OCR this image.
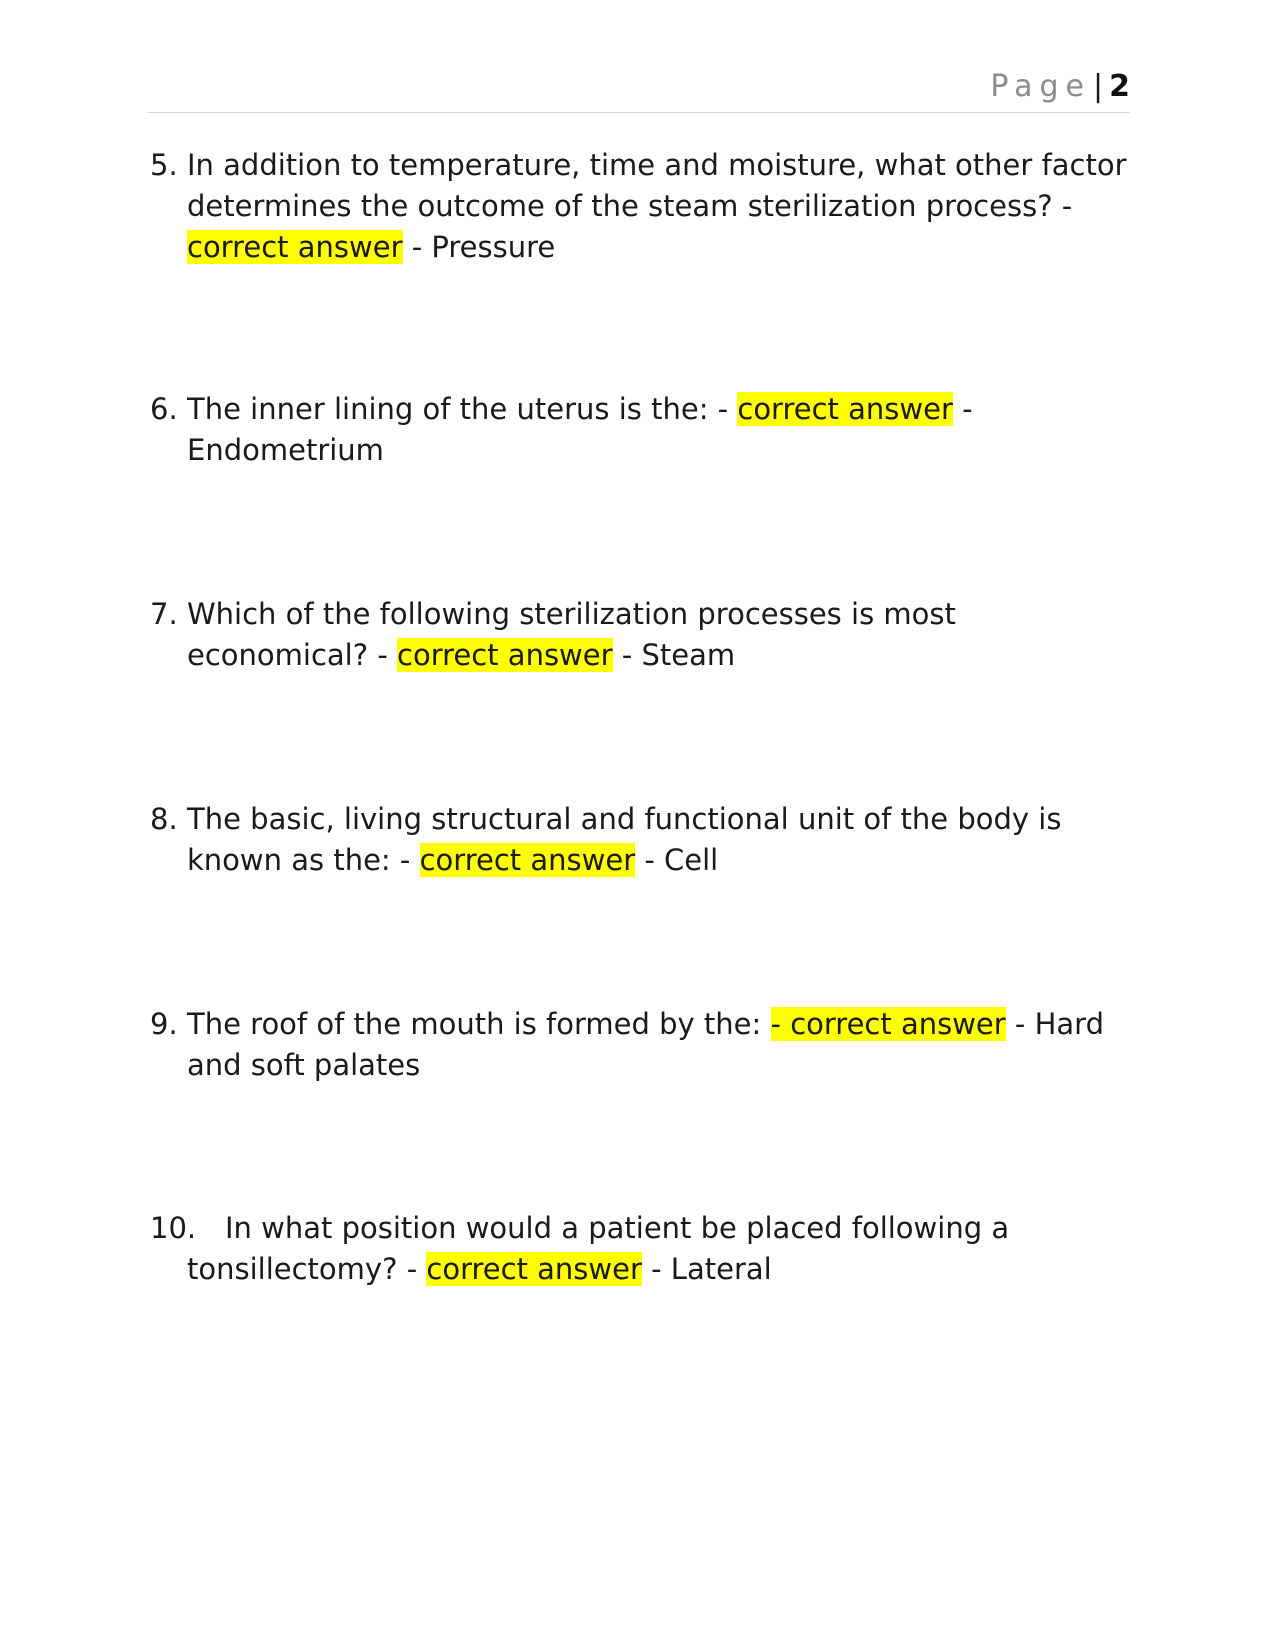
Page| 2
5. In addition to temperature, time and moisture, what other factor determines the outcome of the steam sterilization process? - correct answer - Pressure
6. The inner lining of the uterus is the: - correct answer - Endometrium
7. Which of the following sterilization processes is most economical? - correct answer - Steam
8. The basic, living structural and functional unit of the body is known as the: - correct answer - Cell
9. The roof of the mouth is formed by the: - correct answer - Hard and soft palates
10. In what position would a patient be placed following a tonsillectomy? - correct answer - Lateral
